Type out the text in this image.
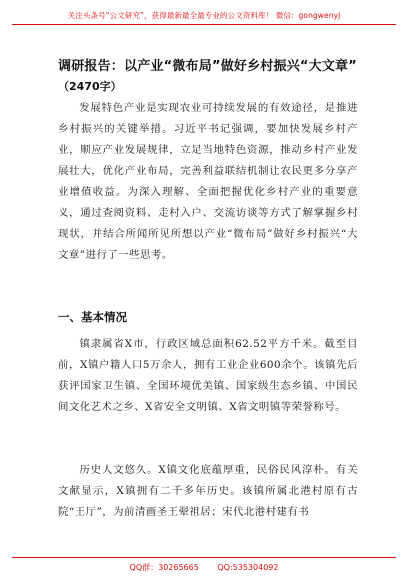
关注头条号“公文研究”，获得最新最全最专业的公文资料库！ 微信：gongwenyj
调研报告：以产业“微布局”做好乡村振兴“大文章”
（2470字）
发展特色产业是实现农业可持续发展的有效途径，是推进乡村振兴的关键举措。习近平书记强调，要加快发展乡村产业，顺应产业发展规律，立足当地特色资源，推动乡村产业发展壮大，优化产业布局，完善利益联结机制让农民更多分享产业增值收益。为深入理解、全面把握优化乡村产业的重要意义，通过查阅资料、走村入户、交流访谈等方式了解掌握乡村现状，并结合所闻所见所想以产业“微布局”做好乡村振兴“大文章”进行了一些思考。
一、基本情况
镇隶属省X市，行政区域总面积62.52平方千米。截至目前，X镇户籍人口5万余人，拥有工业企业600余个。该镇先后获评国家卫生镇、全国环境优美镇、国家级生态乡镇、中国民间文化艺术之乡、X省安全文明镇、X省文明镇等荣誉称号。
历史人文悠久。X镇文化底蕴厚重，民俗民风淳朴。有关文献显示，X镇拥有二千多年历史。该镇所属北港村原有古院“王厅”，为前清画圣王翚祖居；宋代北港村建有书
QQ群：30265665 QQ:535304092
